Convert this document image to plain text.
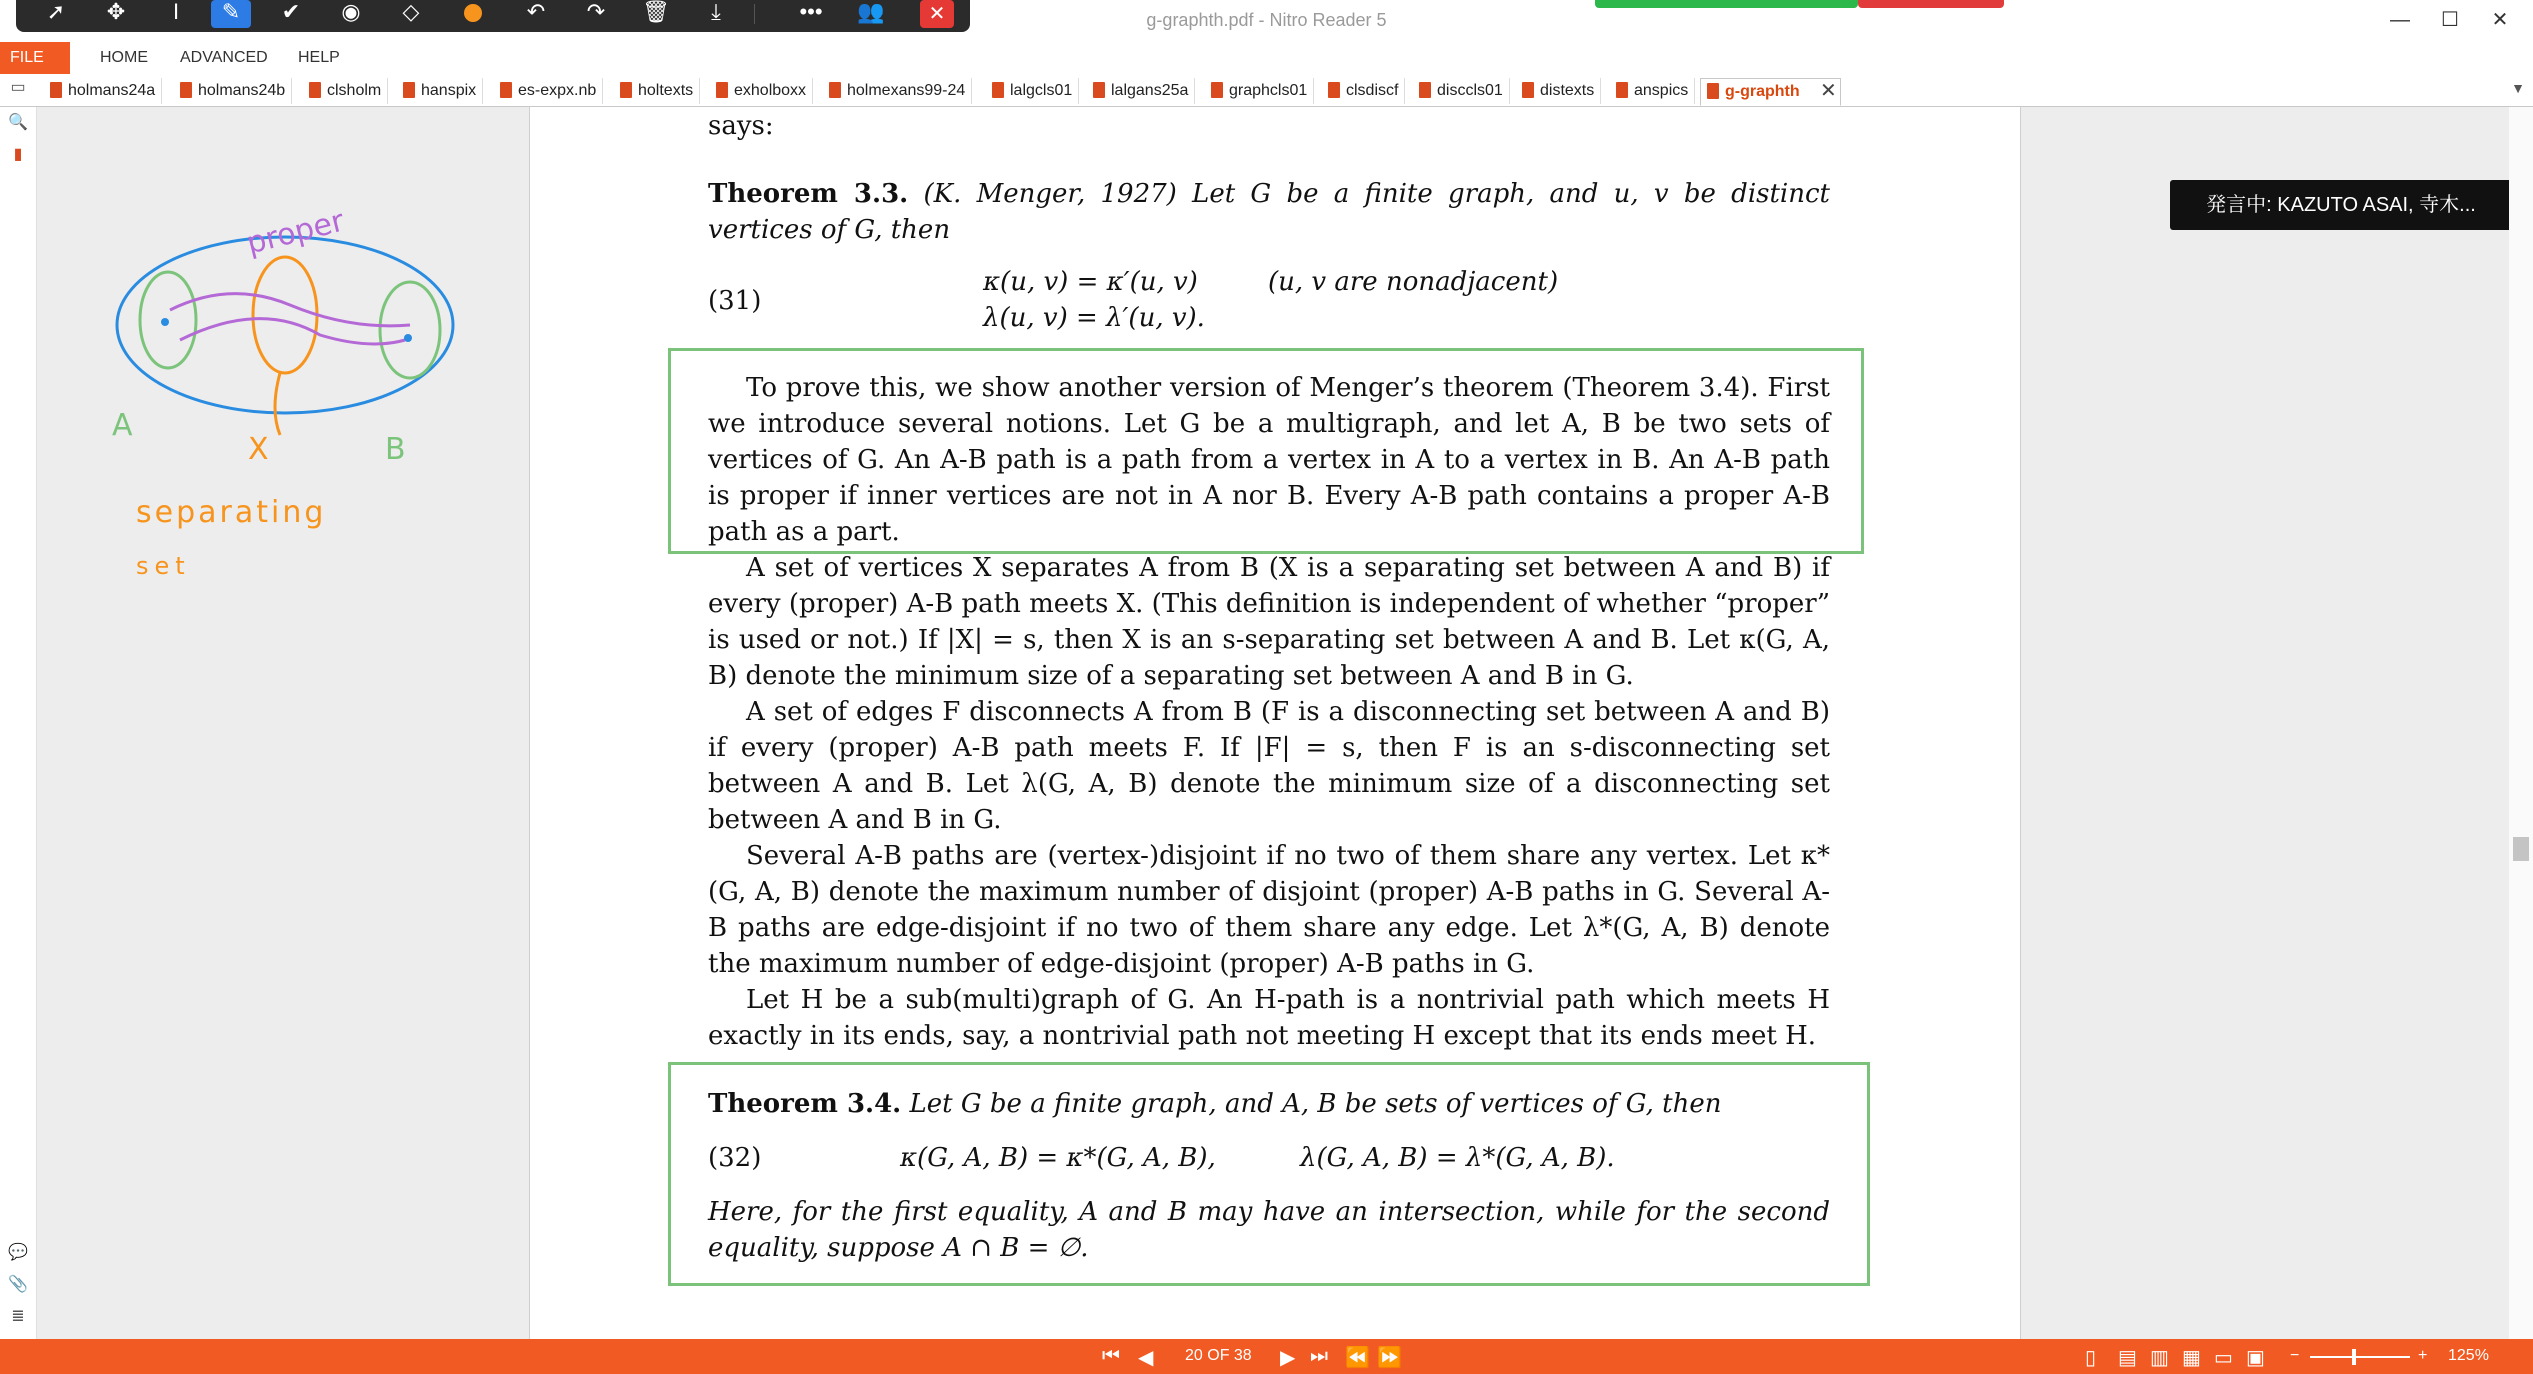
g-graphth.pdf - Nitro Reader 5	—	☐	✕
➚	✥	I	✎	✔	◉	◇	↶	↷	🗑	⤓	•••	👥	✕
FILE	HOME	ADVANCED	HELP
▭	holmans24a	holmans24b	clsholm	hanspix	es-expx.nb	holtexts	exholboxx	holmexans99-24	lalgcls01	lalgans25a	graphcls01	clsdiscf	disccls01	distexts	anspics	g-graphth	✕	▼
🔍
▮
💬
📎
≣
proper
A
X	B
separating
set
says:
Theorem 3.3. (K. Menger, 1927) Let G be a finite graph, and u, v be distinct vertices of G, then
(31)
κ(u, v) = κ′(u, v)	(u, v are nonadjacent)
λ(u, v) = λ′(u, v).
To prove this, we show another version of Menger’s theorem (Theorem 3.4). First we introduce several notions. Let G be a multigraph, and let A, B be two sets of vertices of G. An A-B path is a path from a vertex in A to a vertex in B. An A-B path is proper if inner vertices are not in A nor B. Every A-B path contains a proper A-B path as a part.
A set of vertices X separates A from B (X is a separating set between A and B) if every (proper) A-B path meets X. (This definition is independent of whether “proper” is used or not.) If |X| = s, then X is an s-separating set between A and B. Let κ(G, A, B) denote the minimum size of a separating set between A and B in G.
A set of edges F disconnects A from B (F is a disconnecting set between A and B) if every (proper) A-B path meets F. If |F| = s, then F is an s-disconnecting set between A and B. Let λ(G, A, B) denote the minimum size of a disconnecting set between A and B in G.
Several A-B paths are (vertex-)disjoint if no two of them share any vertex. Let κ*(G, A, B) denote the maximum number of disjoint (proper) A-B paths in G. Several A-B paths are edge-disjoint if no two of them share any edge. Let λ*(G, A, B) denote the maximum number of edge-disjoint (proper) A-B paths in G.
Let H be a sub(multi)graph of G. An H-path is a nontrivial path which meets H exactly in its ends, say, a nontrivial path not meeting H except that its ends meet H.
Theorem 3.4. Let G be a finite graph, and A, B be sets of vertices of G, then
(32)	κ(G, A, B) = κ*(G, A, B),	λ(G, A, B) = λ*(G, A, B).
Here, for the first equality, A and B may have an intersection, while for the second equality, suppose A ∩ B = ∅.
発言中: KAZUTO ASAI, 寺木...
⏮ ◀ 20 OF 38 ▶ ⏭ ⏪ ⏩	▯ ▤ ▥ ▦ ▭ ▣ −	+ 125%
